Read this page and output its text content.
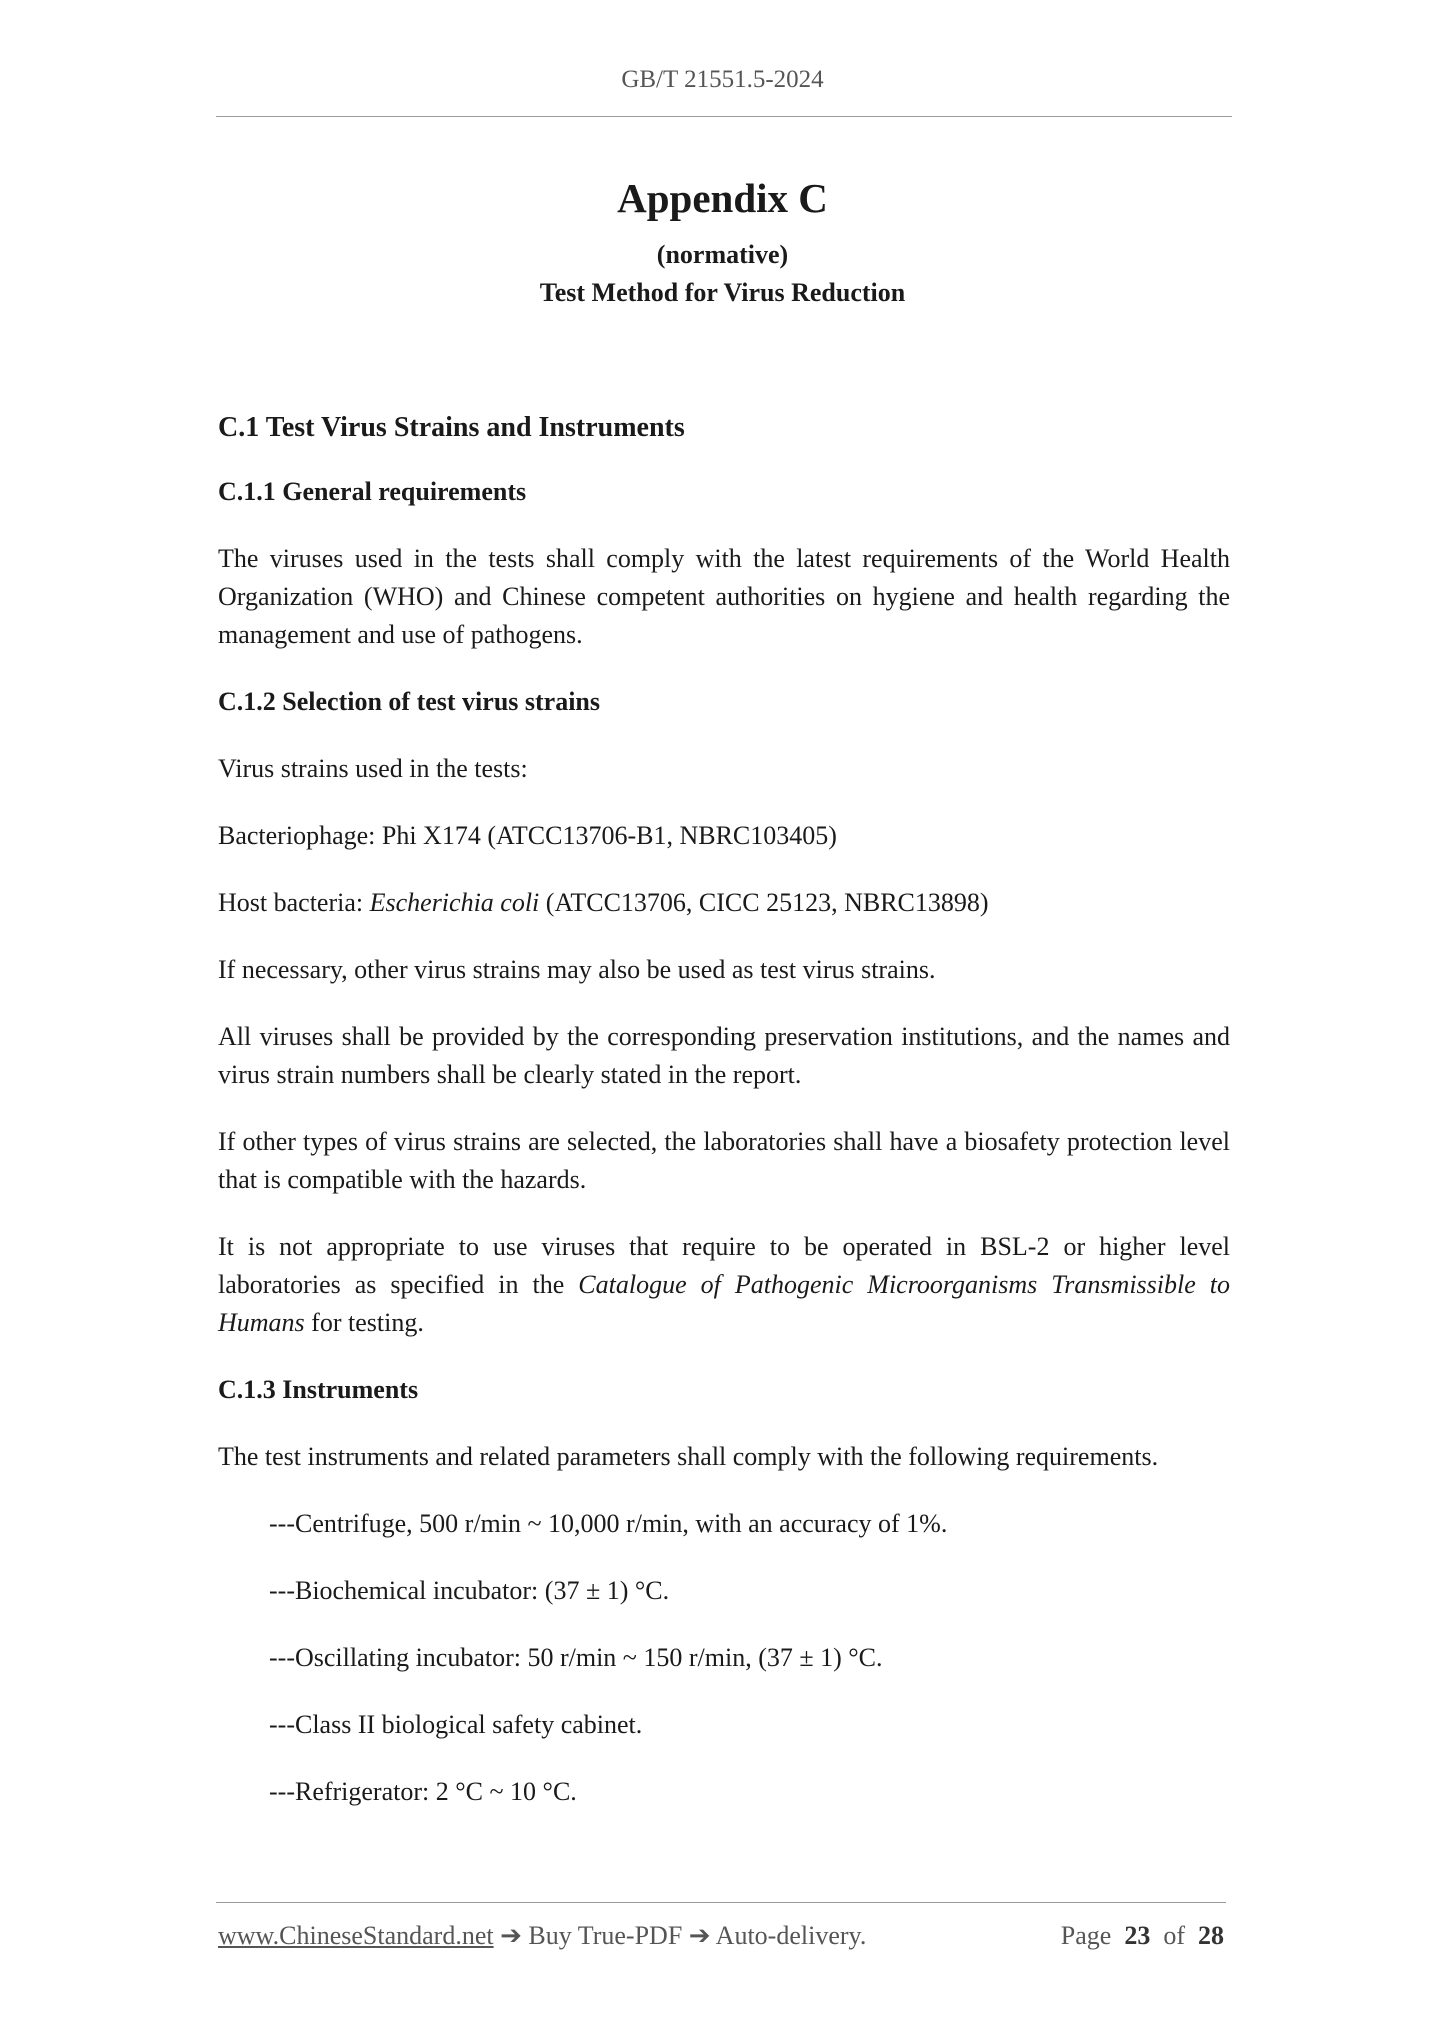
GB/T 21551.5-2024
Appendix C
(normative)
Test Method for Virus Reduction

C.1 Test Virus Strains and Instruments

C.1.1 General requirements

The viruses used in the tests shall comply with the latest requirements of the World Health Organization (WHO) and Chinese competent authorities on hygiene and health regarding the management and use of pathogens.

C.1.2 Selection of test virus strains

Virus strains used in the tests:

Bacteriophage: Phi X174 (ATCC13706-B1, NBRC103405)

Host bacteria: Escherichia coli (ATCC13706, CICC 25123, NBRC13898)

If necessary, other virus strains may also be used as test virus strains.

All viruses shall be provided by the corresponding preservation institutions, and the names and virus strain numbers shall be clearly stated in the report.

If other types of virus strains are selected, the laboratories shall have a biosafety protection level that is compatible with the hazards.

It is not appropriate to use viruses that require to be operated in BSL-2 or higher level laboratories as specified in the Catalogue of Pathogenic Microorganisms Transmissible to Humans for testing.

C.1.3 Instruments

The test instruments and related parameters shall comply with the following requirements.

---Centrifuge, 500 r/min ~ 10,000 r/min, with an accuracy of 1%.

---Biochemical incubator: (37 ± 1) °C.

---Oscillating incubator: 50 r/min ~ 150 r/min, (37 ± 1) °C.

---Class II biological safety cabinet.

---Refrigerator: 2 °C ~ 10 °C.

www.ChineseStandard.net ➔ Buy True-PDF ➔ Auto-delivery.	Page 23 of 28
